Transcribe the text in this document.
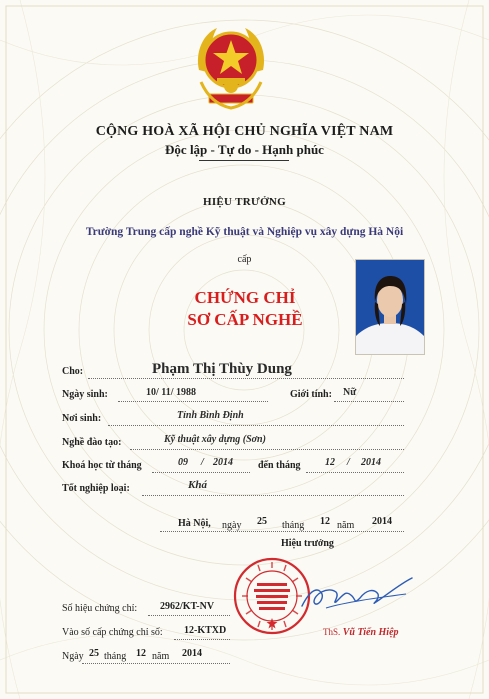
CỘNG HOÀ XÃ HỘI CHỦ NGHĨA VIỆT NAM
Độc lập - Tự do - Hạnh phúc
HIỆU TRƯỞNG
Trường Trung cấp nghề Kỹ thuật và Nghiệp vụ xây dựng Hà Nội
cấp
CHỨNG CHỈ
SƠ CẤP NGHỀ
Cho:	Phạm Thị Thùy Dung
Ngày sinh:	10/ 11/ 1988	Giới tính: Nữ
Nơi sinh:	Tỉnh Bình Định
Nghề đào tạo:	Kỹ thuật xây dựng (Sơn)
Khoá học từ tháng	09 / 2014	đến tháng 12 / 2014
Tốt nghiệp loại:	Khá
Hà Nội, ngày 25 tháng 12 năm 2014
Hiệu trưởng
ThS. Vũ Tiến Hiệp
Số hiệu chứng chỉ: 2962/KT-NV
Vào số cấp chứng chỉ số: 12-KTXD
Ngày 25 tháng 12 năm 2014
